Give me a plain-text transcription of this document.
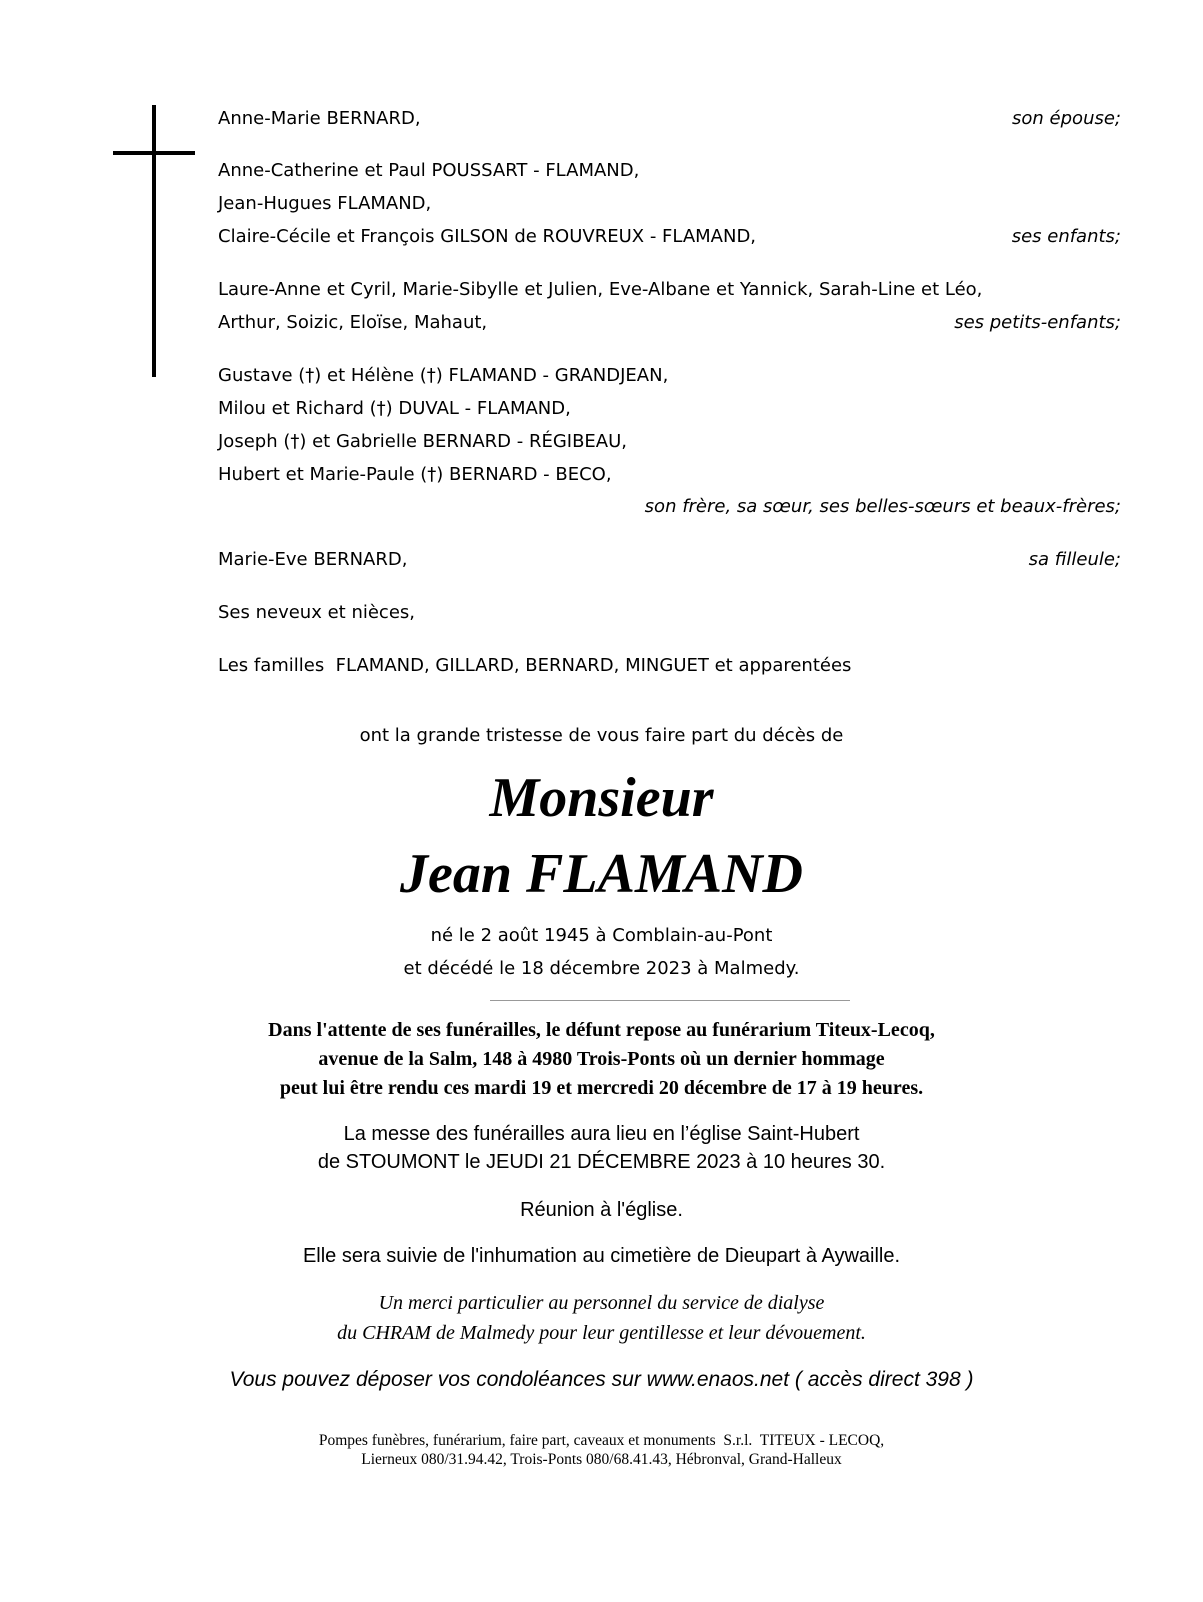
Anne-Marie BERNARD,	son épouse;
Anne-Catherine et Paul POUSSART - FLAMAND,
Jean-Hugues FLAMAND,
Claire-Cécile et François GILSON de ROUVREUX - FLAMAND,	ses enfants;
Laure-Anne et Cyril, Marie-Sibylle et Julien, Eve-Albane et Yannick, Sarah-Line et Léo,
Arthur, Soizic, Eloïse, Mahaut,	ses petits-enfants;
Gustave (†) et Hélène (†) FLAMAND - GRANDJEAN,
Milou et Richard (†) DUVAL - FLAMAND,
Joseph (†) et Gabrielle BERNARD - RÉGIBEAU,
Hubert et Marie-Paule (†) BERNARD - BECO,
son frère, sa sœur, ses belles-sœurs et beaux-frères;
Marie-Eve BERNARD,	sa filleule;
Ses neveux et nièces,
Les familles  FLAMAND, GILLARD, BERNARD, MINGUET et apparentées
ont la grande tristesse de vous faire part du décès de
Monsieur
Jean FLAMAND
né le 2 août 1945 à Comblain-au-Pont
et décédé le 18 décembre 2023 à Malmedy.
Dans l'attente de ses funérailles, le défunt repose au funérarium Titeux-Lecoq,
avenue de la Salm, 148 à 4980 Trois-Ponts où un dernier hommage
peut lui être rendu ces mardi 19 et mercredi 20 décembre de 17 à 19 heures.
La messe des funérailles aura lieu en l’église Saint-Hubert
de STOUMONT le JEUDI 21 DÉCEMBRE 2023 à 10 heures 30.
Réunion à l'église.
Elle sera suivie de l'inhumation au cimetière de Dieupart à Aywaille.
Un merci particulier au personnel du service de dialyse
du CHRAM de Malmedy pour leur gentillesse et leur dévouement.
Vous pouvez déposer vos condoléances sur www.enaos.net ( accès direct 398 )
Pompes funèbres, funérarium, faire part, caveaux et monuments  S.r.l.  TITEUX - LECOQ,
Lierneux 080/31.94.42, Trois-Ponts 080/68.41.43, Hébronval, Grand-Halleux
